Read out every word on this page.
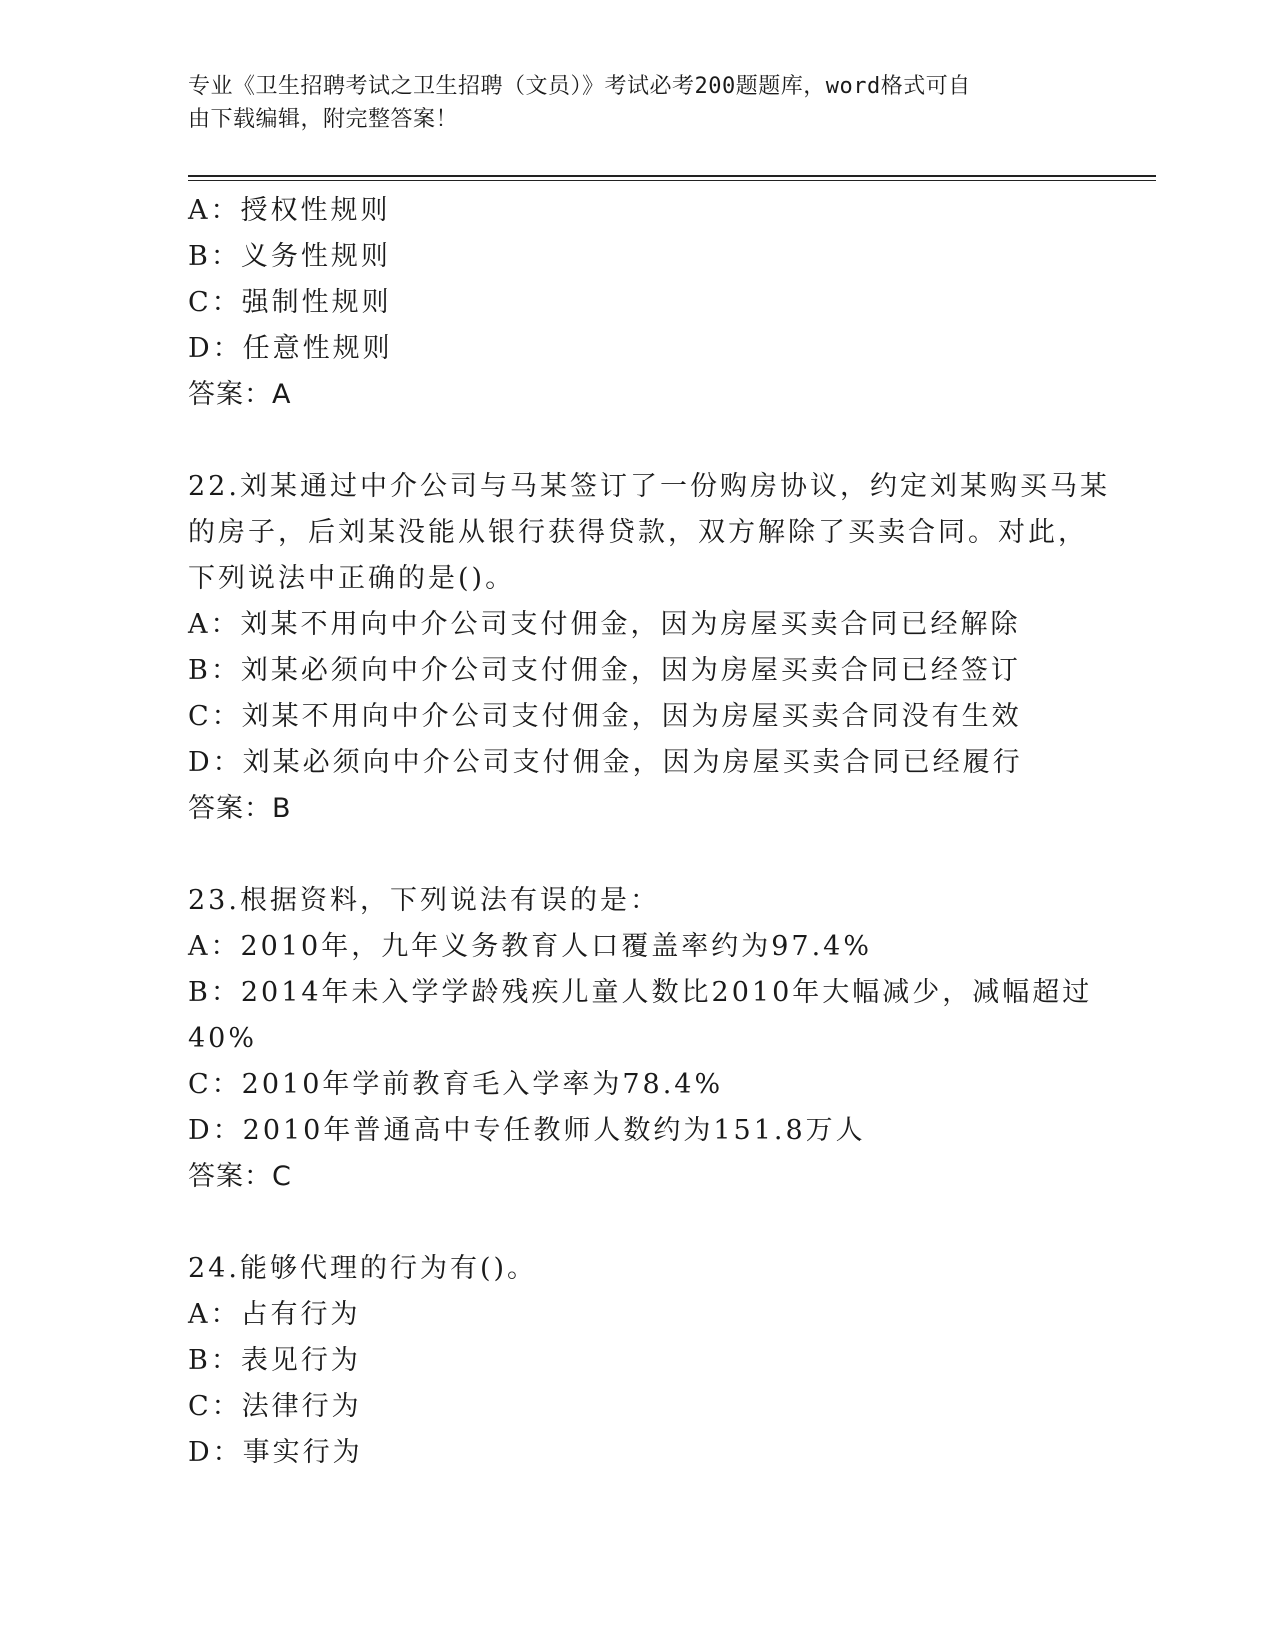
专业《卫生招聘考试之卫生招聘（文员）》考试必考200题题库，word格式可自
由下载编辑，附完整答案！
A：授权性规则
B：义务性规则
C：强制性规则
D：任意性规则
答案：A
22.刘某通过中介公司与马某签订了一份购房协议，约定刘某购买马某
的房子，后刘某没能从银行获得贷款，双方解除了买卖合同。对此，
下列说法中正确的是()。
A：刘某不用向中介公司支付佣金，因为房屋买卖合同已经解除
B：刘某必须向中介公司支付佣金，因为房屋买卖合同已经签订
C：刘某不用向中介公司支付佣金，因为房屋买卖合同没有生效
D：刘某必须向中介公司支付佣金，因为房屋买卖合同已经履行
答案：B
23.根据资料，下列说法有误的是：
A：2010年，九年义务教育人口覆盖率约为97.4%
B：2014年未入学学龄残疾儿童人数比2010年大幅减少，减幅超过
40%
C：2010年学前教育毛入学率为78.4%
D：2010年普通高中专任教师人数约为151.8万人
答案：C
24.能够代理的行为有()。
A：占有行为
B：表见行为
C：法律行为
D：事实行为
